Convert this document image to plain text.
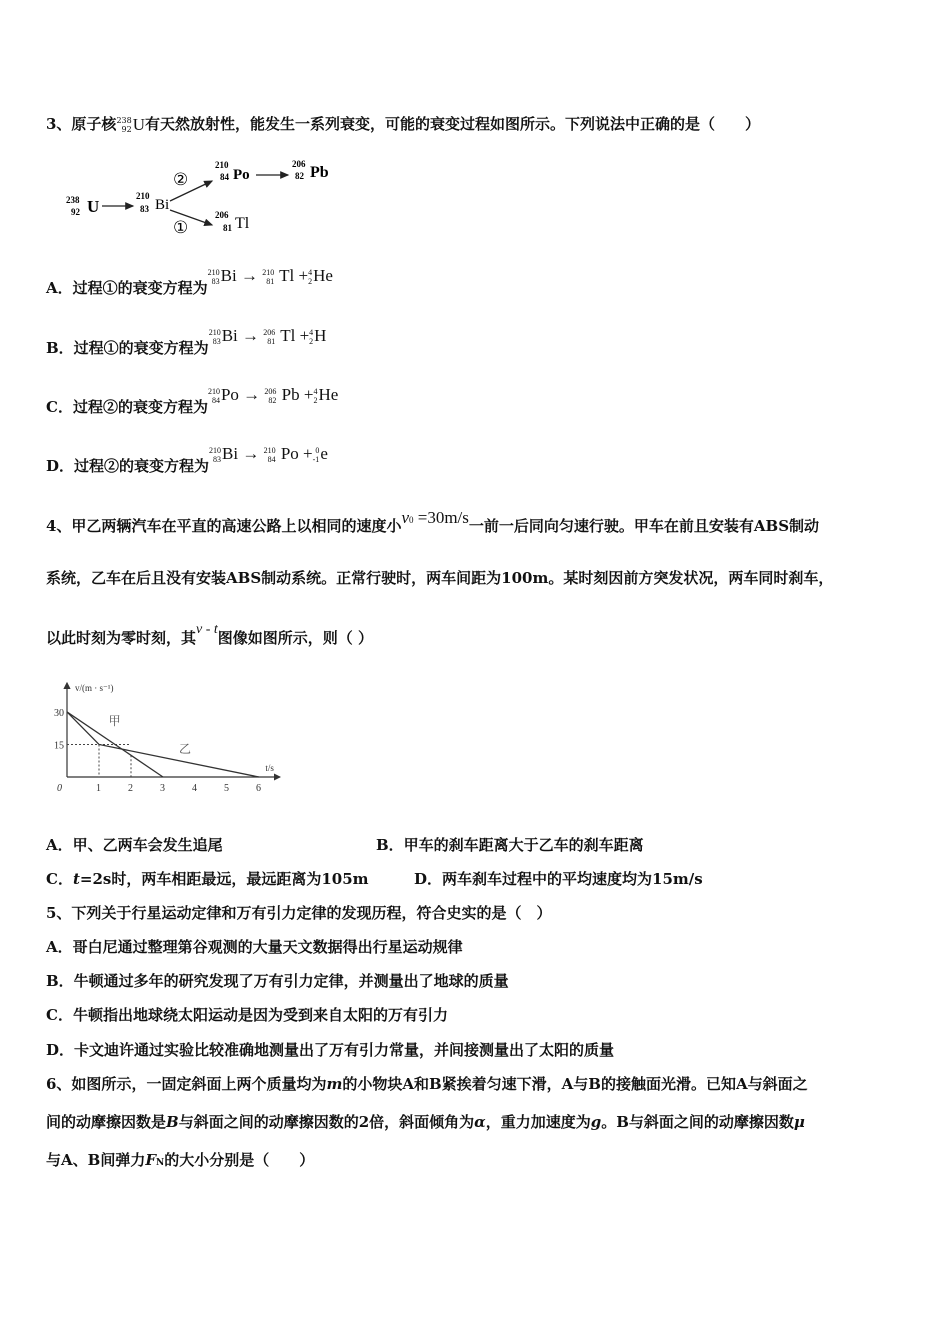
3、原子核 238
92 U有天然放射性，能发生一系列衰变，可能的衰变过程如图所示。下列说法中正确的是（　　）
238
92 U
210
83 Bi
②
①
210
84 Po
206
82 Pb
206
81 Tl
A．过程①的衰变方程为
210
83 Bi → 210
81 Tl + 4
2 He
B．过程①的衰变方程为
210
83 Bi → 206
81 Tl + 4
2 H
C．过程②的衰变方程为
210
84 Po → 206
82 Pb + 4
2 He
D．过程②的衰变方程为
210
83 Bi → 210
84 Po + 0
-1 e
4、甲乙两辆汽车在平直的高速公路上以相同的速度小v0 =30m/s一前一后同向匀速行驶。甲车在前且安装有ABS制动
系统，乙车在后且没有安装ABS制动系统。正常行驶时，两车间距为100m。某时刻因前方突发状况，两车同时刹车，
以此时刻为零时刻，其v - t图像如图所示，则（ ）
v/(m · s⁻¹)
t/s
0	1	2	3	4	5	6
15
30
甲
乙
A．甲、乙两车会发生追尾	B．甲车的刹车距离大于乙车的刹车距离
C．t=2s时，两车相距最远，最远距离为105m	D．两车刹车过程中的平均速度均为15m/s
5、下列关于行星运动定律和万有引力定律的发现历程，符合史实的是（　）
A．哥白尼通过整理第谷观测的大量天文数据得出行星运动规律
B．牛顿通过多年的研究发现了万有引力定律，并测量出了地球的质量
C．牛顿指出地球绕太阳运动是因为受到来自太阳的万有引力
D．卡文迪许通过实验比较准确地测量出了万有引力常量，并间接测量出了太阳的质量
6、如图所示，一固定斜面上两个质量均为m的小物块A和B紧挨着匀速下滑，A与B的接触面光滑。已知A与斜面之
间的动摩擦因数是B与斜面之间的动摩擦因数的2倍，斜面倾角为α，重力加速度为g。B与斜面之间的动摩擦因数μ
与A、B间弹力FN的大小分别是（　　）
